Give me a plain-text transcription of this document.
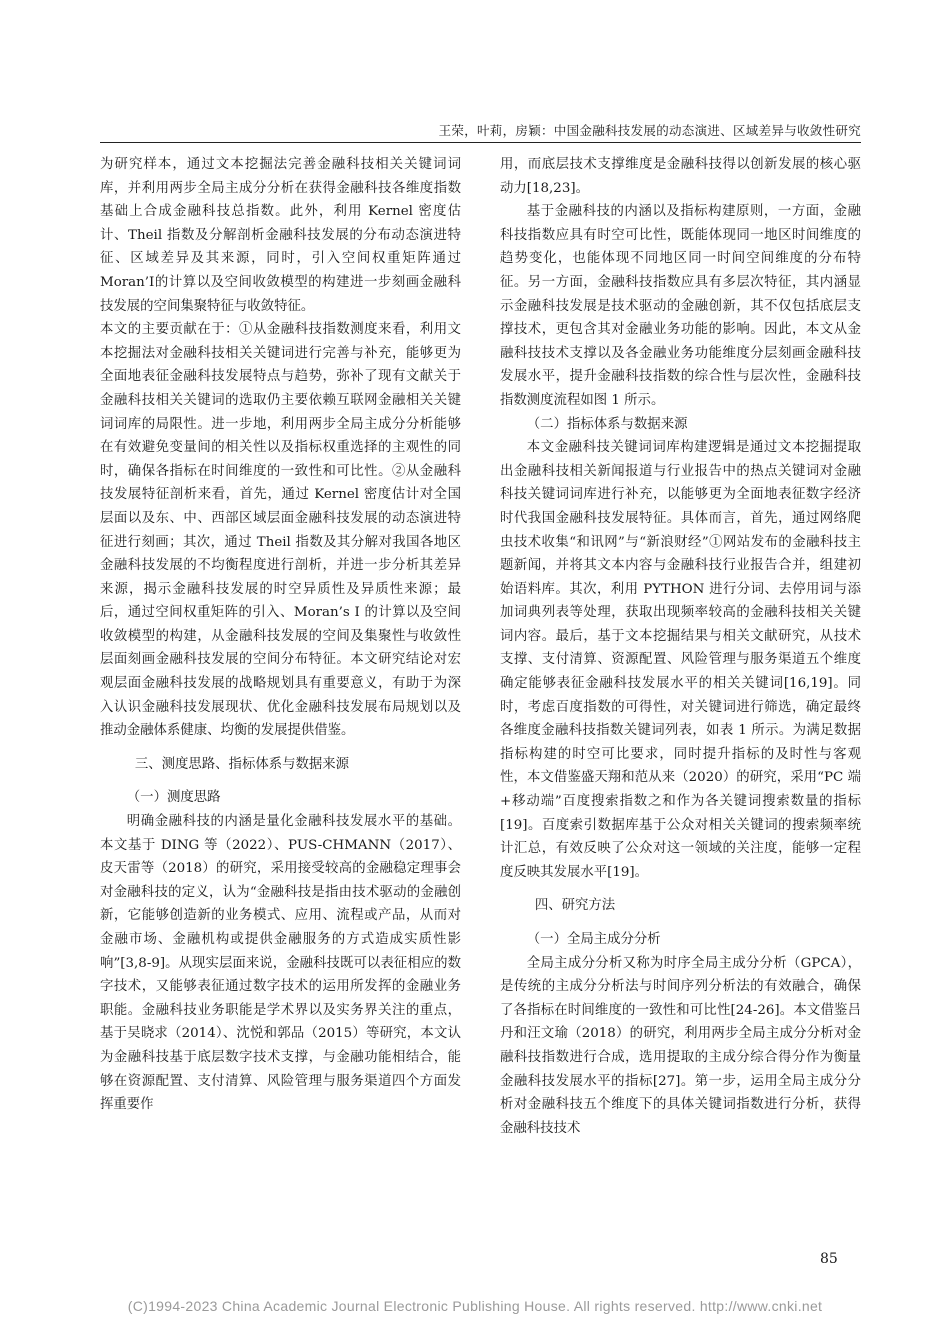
王荣，叶莉，房颖：中国金融科技发展的动态演进、区域差异与收敛性研究

为研究样本，通过文本挖掘法完善金融科技相关关键词词库，并利用两步全局主成分分析在获得金融科技各维度指数基础上合成金融科技总指数。此外，利用 Kernel 密度估计、Theil 指数及分解剖析金融科技发展的分布动态演进特征、区域差异及其来源，同时，引入空间权重矩阵通过 Moran’I的计算以及空间收敛模型的构建进一步刻画金融科技发展的空间集聚特征与收敛特征。

本文的主要贡献在于：①从金融科技指数测度来看，利用文本挖掘法对金融科技相关关键词进行完善与补充，能够更为全面地表征金融科技发展特点与趋势，弥补了现有文献关于金融科技相关关键词的选取仍主要依赖互联网金融相关关键词词库的局限性。进一步地，利用两步全局主成分分析能够在有效避免变量间的相关性以及指标权重选择的主观性的同时，确保各指标在时间维度的一致性和可比性。②从金融科技发展特征剖析来看，首先，通过 Kernel 密度估计对全国层面以及东、中、西部区域层面金融科技发展的动态演进特征进行刻画；其次，通过 Theil 指数及其分解对我国各地区金融科技发展的不均衡程度进行剖析，并进一步分析其差异来源，揭示金融科技发展的时空异质性及异质性来源；最后，通过空间权重矩阵的引入、Moran’s I 的计算以及空间收敛模型的构建，从金融科技发展的空间及集聚性与收敛性层面刻画金融科技发展的空间分布特征。本文研究结论对宏观层面金融科技发展的战略规划具有重要意义，有助于为深入认识金融科技发展现状、优化金融科技发展布局规划以及推动金融体系健康、均衡的发展提供借鉴。

三、测度思路、指标体系与数据来源
（一）测度思路

明确金融科技的内涵是量化金融科技发展水平的基础。本文基于 DING 等（2022）、PUS-CHMANN（2017）、皮天雷等（2018）的研究，采用接受较高的金融稳定理事会对金融科技的定义，认为“金融科技是指由技术驱动的金融创新，它能够创造新的业务模式、应用、流程或产品，从而对金融市场、金融机构或提供金融服务的方式造成实质性影响”[3,8-9]。从现实层面来说，金融科技既可以表征相应的数字技术，又能够表征通过数字技术的运用所发挥的金融业务职能。金融科技业务职能是学术界以及实务界关注的重点，基于吴晓求（2014）、沈悦和郭品（2015）等研究，本文认为金融科技基于底层数字技术支撑，与金融功能相结合，能够在资源配置、支付清算、风险管理与服务渠道四个方面发挥重要作

用，而底层技术支撑维度是金融科技得以创新发展的核心驱动力[18,23]。

基于金融科技的内涵以及指标构建原则，一方面，金融科技指数应具有时空可比性，既能体现同一地区时间维度的趋势变化，也能体现不同地区同一时间空间维度的分布特征。另一方面，金融科技指数应具有多层次特征，其内涵显示金融科技发展是技术驱动的金融创新，其不仅包括底层支撑技术，更包含其对金融业务功能的影响。因此，本文从金融科技技术支撑以及各金融业务功能维度分层刻画金融科技发展水平，提升金融科技指数的综合性与层次性，金融科技指数测度流程如图 1 所示。

（二）指标体系与数据来源

本文金融科技关键词词库构建逻辑是通过文本挖掘提取出金融科技相关新闻报道与行业报告中的热点关键词对金融科技关键词词库进行补充，以能够更为全面地表征数字经济时代我国金融科技发展特征。具体而言，首先，通过网络爬虫技术收集“和讯网”与“新浪财经”①网站发布的金融科技主题新闻，并将其文本内容与金融科技行业报告合并，组建初始语料库。其次，利用 PYTHON 进行分词、去停用词与添加词典列表等处理，获取出现频率较高的金融科技相关关键词内容。最后，基于文本挖掘结果与相关文献研究，从技术支撑、支付清算、资源配置、风险管理与服务渠道五个维度确定能够表征金融科技发展水平的相关关键词[16,19]。同时，考虑百度指数的可得性，对关键词进行筛选，确定最终各维度金融科技指数关键词列表，如表 1 所示。为满足数据指标构建的时空可比要求，同时提升指标的及时性与客观性，本文借鉴盛天翔和范从来（2020）的研究，采用“PC 端+移动端”百度搜索指数之和作为各关键词搜索数量的指标[19]。百度索引数据库基于公众对相关关键词的搜索频率统计汇总，有效反映了公众对这一领域的关注度，能够一定程度反映其发展水平[19]。

四、研究方法
（一）全局主成分分析

全局主成分分析又称为时序全局主成分分析（GPCA），是传统的主成分分析法与时间序列分析法的有效融合，确保了各指标在时间维度的一致性和可比性[24-26]。本文借鉴吕丹和汪文瑜（2018）的研究，利用两步全局主成分分析对金融科技指数进行合成，选用提取的主成分综合得分作为衡量金融科技发展水平的指标[27]。第一步，运用全局主成分分析对金融科技五个维度下的具体关键词指数进行分析，获得金融科技技术

85
(C)1994-2023 China Academic Journal Electronic Publishing House. All rights reserved. http://www.cnki.net
